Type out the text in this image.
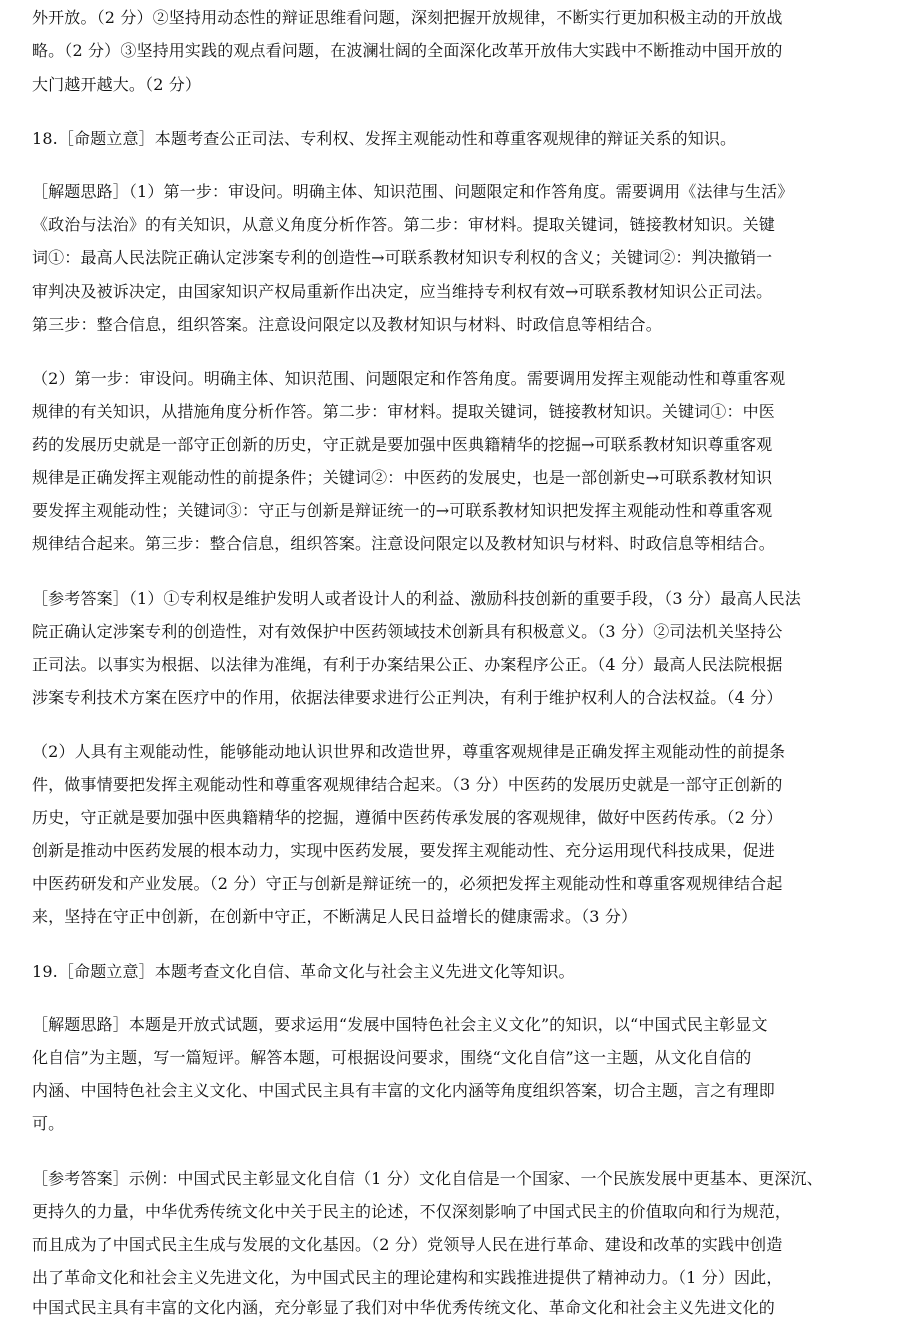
外开放。（2 分）②坚持用动态性的辩证思维看问题，深刻把握开放规律，不断实行更加积极主动的开放战
略。（2 分）③坚持用实践的观点看问题，在波澜壮阔的全面深化改革开放伟大实践中不断推动中国开放的
大门越开越大。（2 分）
18.［命题立意］本题考查公正司法、专利权、发挥主观能动性和尊重客观规律的辩证关系的知识。
［解题思路］（1）第一步：审设问。明确主体、知识范围、问题限定和作答角度。需要调用《法律与生活》
《政治与法治》的有关知识，从意义角度分析作答。第二步：审材料。提取关键词，链接教材知识。关键
词①：最高人民法院正确认定涉案专利的创造性→可联系教材知识专利权的含义；关键词②：判决撤销一
审判决及被诉决定，由国家知识产权局重新作出决定，应当维持专利权有效→可联系教材知识公正司法。
第三步：整合信息，组织答案。注意设问限定以及教材知识与材料、时政信息等相结合。
（2）第一步：审设问。明确主体、知识范围、问题限定和作答角度。需要调用发挥主观能动性和尊重客观
规律的有关知识，从措施角度分析作答。第二步：审材料。提取关键词，链接教材知识。关键词①：中医
药的发展历史就是一部守正创新的历史，守正就是要加强中医典籍精华的挖掘→可联系教材知识尊重客观
规律是正确发挥主观能动性的前提条件；关键词②：中医药的发展史，也是一部创新史→可联系教材知识
要发挥主观能动性；关键词③：守正与创新是辩证统一的→可联系教材知识把发挥主观能动性和尊重客观
规律结合起来。第三步：整合信息，组织答案。注意设问限定以及教材知识与材料、时政信息等相结合。
［参考答案］（1）①专利权是维护发明人或者设计人的利益、激励科技创新的重要手段，（3 分）最高人民法
院正确认定涉案专利的创造性，对有效保护中医药领域技术创新具有积极意义。（3 分）②司法机关坚持公
正司法。以事实为根据、以法律为准绳，有利于办案结果公正、办案程序公正。（4 分）最高人民法院根据
涉案专利技术方案在医疗中的作用，依据法律要求进行公正判决，有利于维护权利人的合法权益。（4 分）
（2）人具有主观能动性，能够能动地认识世界和改造世界，尊重客观规律是正确发挥主观能动性的前提条
件，做事情要把发挥主观能动性和尊重客观规律结合起来。（3 分）中医药的发展历史就是一部守正创新的
历史，守正就是要加强中医典籍精华的挖掘，遵循中医药传承发展的客观规律，做好中医药传承。（2 分）
创新是推动中医药发展的根本动力，实现中医药发展，要发挥主观能动性、充分运用现代科技成果，促进
中医药研发和产业发展。（2 分）守正与创新是辩证统一的，必须把发挥主观能动性和尊重客观规律结合起
来，坚持在守正中创新，在创新中守正，不断满足人民日益增长的健康需求。（3 分）
19.［命题立意］本题考查文化自信、革命文化与社会主义先进文化等知识。
［解题思路］本题是开放式试题，要求运用“发展中国特色社会主义文化”的知识，以“中国式民主彰显文
化自信”为主题，写一篇短评。解答本题，可根据设问要求，围绕“文化自信”这一主题，从文化自信的
内涵、中国特色社会主义文化、中国式民主具有丰富的文化内涵等角度组织答案，切合主题，言之有理即
可。
［参考答案］示例：中国式民主彰显文化自信（1 分）文化自信是一个国家、一个民族发展中更基本、更深沉、
更持久的力量，中华优秀传统文化中关于民主的论述，不仅深刻影响了中国式民主的价值取向和行为规范，
而且成为了中国式民主生成与发展的文化基因。（2 分）党领导人民在进行革命、建设和改革的实践中创造
出了革命文化和社会主义先进文化，为中国式民主的理论建构和实践推进提供了精神动力。（1 分）因此，
中国式民主具有丰富的文化内涵，充分彰显了我们对中华优秀传统文化、革命文化和社会主义先进文化的
